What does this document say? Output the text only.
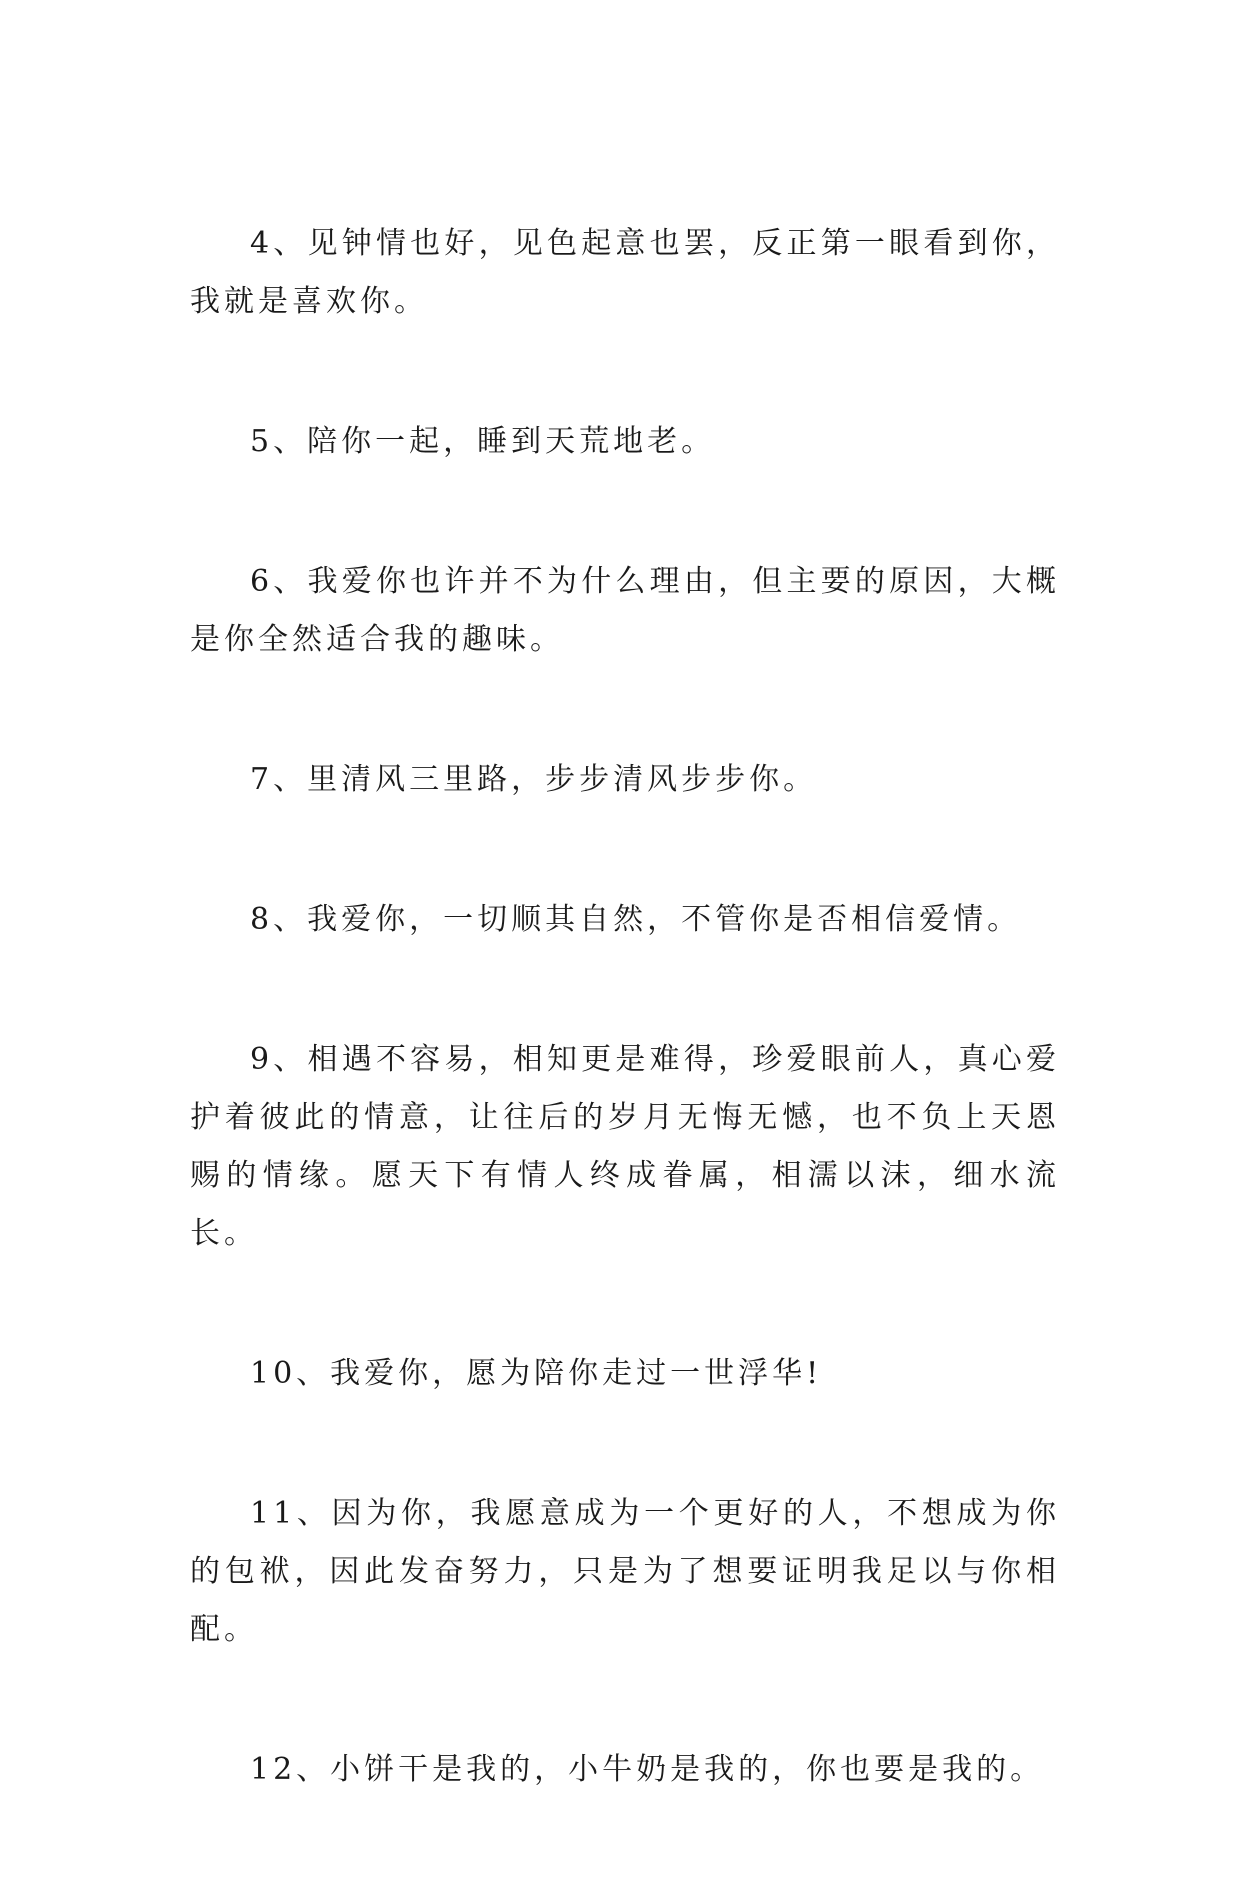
4、见钟情也好，见色起意也罢，反正第一眼看到你，我就是喜欢你。

5、陪你一起，睡到天荒地老。

6、我爱你也许并不为什么理由，但主要的原因，大概是你全然适合我的趣味。

7、里清风三里路，步步清风步步你。

8、我爱你，一切顺其自然，不管你是否相信爱情。

9、相遇不容易，相知更是难得，珍爱眼前人，真心爱护着彼此的情意，让往后的岁月无悔无憾，也不负上天恩赐的情缘。愿天下有情人终成眷属，相濡以沫，细水流长。

10、我爱你，愿为陪你走过一世浮华!

11、因为你，我愿意成为一个更好的人，不想成为你的包袱，因此发奋努力，只是为了想要证明我足以与你相配。

12、小饼干是我的，小牛奶是我的，你也要是我的。
